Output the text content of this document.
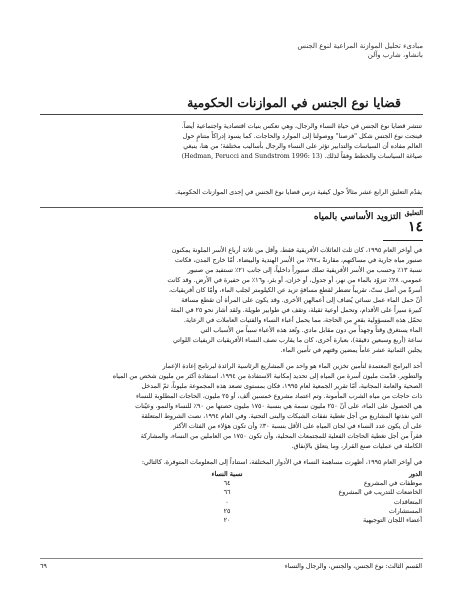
مبادىء تحليل الموازنة المراعية لنوع الجنس
بانشاو، شارب وآلن
قضايا نوع الجنس في الموازنات الحكومية
تنتشر قضايا نوع الجنس في حياة النساء والرجال، وهي تعكس بنيات اقتصادية واجتماعية أيضاً.
فينجت نوع الجنس شكل "فرصنا" ووصولنا إلى الموارد والحاجات. كما يسود إدراكاً متنامٍ حول
العالم مفاده أن السياسات والتدابير تؤثر على النساء والرجال بأساليب مختلفة؛ من هنا، ينبغي
صياغة السياسات والخطط وفقاً لذلك. (Hedman, Perucci and Sundstrom 1996: 13)
يقدّم التعليق الرابع عشر مثالاً حول كيفية درس قضايا نوع الجنس في إحدى الموازنات الحكومية.
التزويد الأساسي بالمياه التعليق
١٤
في أواخر العام ١٩٩٥، كان ثلث العائلات الأفريقية فقط، وأقل من ثلاثة أرباع الأسر الملونة يمكنون
صنبور مياه جارية في مساكنهم، مقارنةً بـ٩٧٪ من الأسر الهندية والبيضاء. أمّا خارج المدن، فكانت
نسبة ١٣٪ وحسب من الأسر الأفريقية تملك صنبوراً داخلياً، إلى جانب ٢١٪ تستفيد من صنبور
عمومي، ٢٨٪ تتزوّد بالماء من نهر، أو جدول، أو خزان، أو بئر، و١٦٪ من حفيرة في الأرض. وقد كانت
أسرةٌ من أصل ستّ، تقريباً تضطر لقطع مسافةٍ تزيد عن الكيلومتر لجلب الماء، وأمّا كان أفريقيات،
أنّ حمل الماء عمل نسائي يُضاف إلى أعمالهن الأخرى. وقد يكون على المرأة أن تقطع مسافة
كبيرة سيراً على الأقدام، وتحمل أوعية ثقيلة، وتقف في طوابير طويلة. ولقد أشار نحو ٢٥ في المئة
تحمّل هذه المسؤولية بقعرٍ من الحاجة، مما يحمل أعباء النساء والفتيات العاملات في الرعاية.
الماء يستغرق وقتاً وجهداً من دون مقابل مادي. وتُعد هذه الأعباء سبباً من الأسباب التي
ساعة (أربع وسبعين دقيقة)، بعبارة أخرى، كان ما يقارب نصف النساء الأفريقيات الريفيات اللواتي
يجلبن الثمانية عشر عاماً يمضين وقتهم في تأمين الماء.
أحد البرامج المعتمدة لتأمين تخزين الماء هو واحد من المشاريع الرئاسية الرائدة لبرنامج إعادة الإعمار
والتطوير. قدّمت مليون أسرة من المياه إلى تحديد إمكانية الاستفادة من ١٩٩٤، استفادة أكثر من مليون شخص من المياه
الصحية والعامة المجانية، أمّا تقرير الجمعية لعام ١٩٩٥، فكان بمستوى تصعد هذه المجموعة مليوناً، ثمّ المدخل
ذات حاجات من مياه الشرب المأمونة. وتم اعتماد مشروع خمسين ألف، أو ٢٥ مليون، الحاجات المطلوبة للنساء
هي الحصول على الماء، على أنّ ٢٥٠ مليون نسمة هي بنسبة ١٧٥٠ مليون حصتها من ٩٠٪ للنساء والنمو، وعيّنات
التي نفذتها المشاريع من أجل تغطية نفقات الشبكات والبنى التحتية. وفي العام ١٩٩٤، نصت الشروط المتعلقة
على أن يكون عدد النساء في لجان المياه على الأقل بنسبة ٣٠٪ وأن تكون هؤلاء من الفئات الأكثر
فقراً من أجل تغطية الحاجات الفعلية للمجتمعات المحلية، وأن تكون ١٧٥٠ من العاملين من النساء، والمشاركة
الكاملة في عمليات صنع القرار، وما يتعلق بالإنفاق.
في أواخر العام ١٩٩٥، أظهرت مساهمة النساء في الأدوار المختلفة، استناداً إلى المعلومات المتوفرة، كالتالي:
الدور
نسبة النساء
موظفات في المشروع
٦٤
الخاضعات للتدريب في المشروع
٦٦
المتعاقدات
٠
المستشارات
٢٥
أعضاء اللجان التوجيهية
٢٠
٦٩	القسم الثالث: نوع الجنس، والجنس، والرجال والنساء
